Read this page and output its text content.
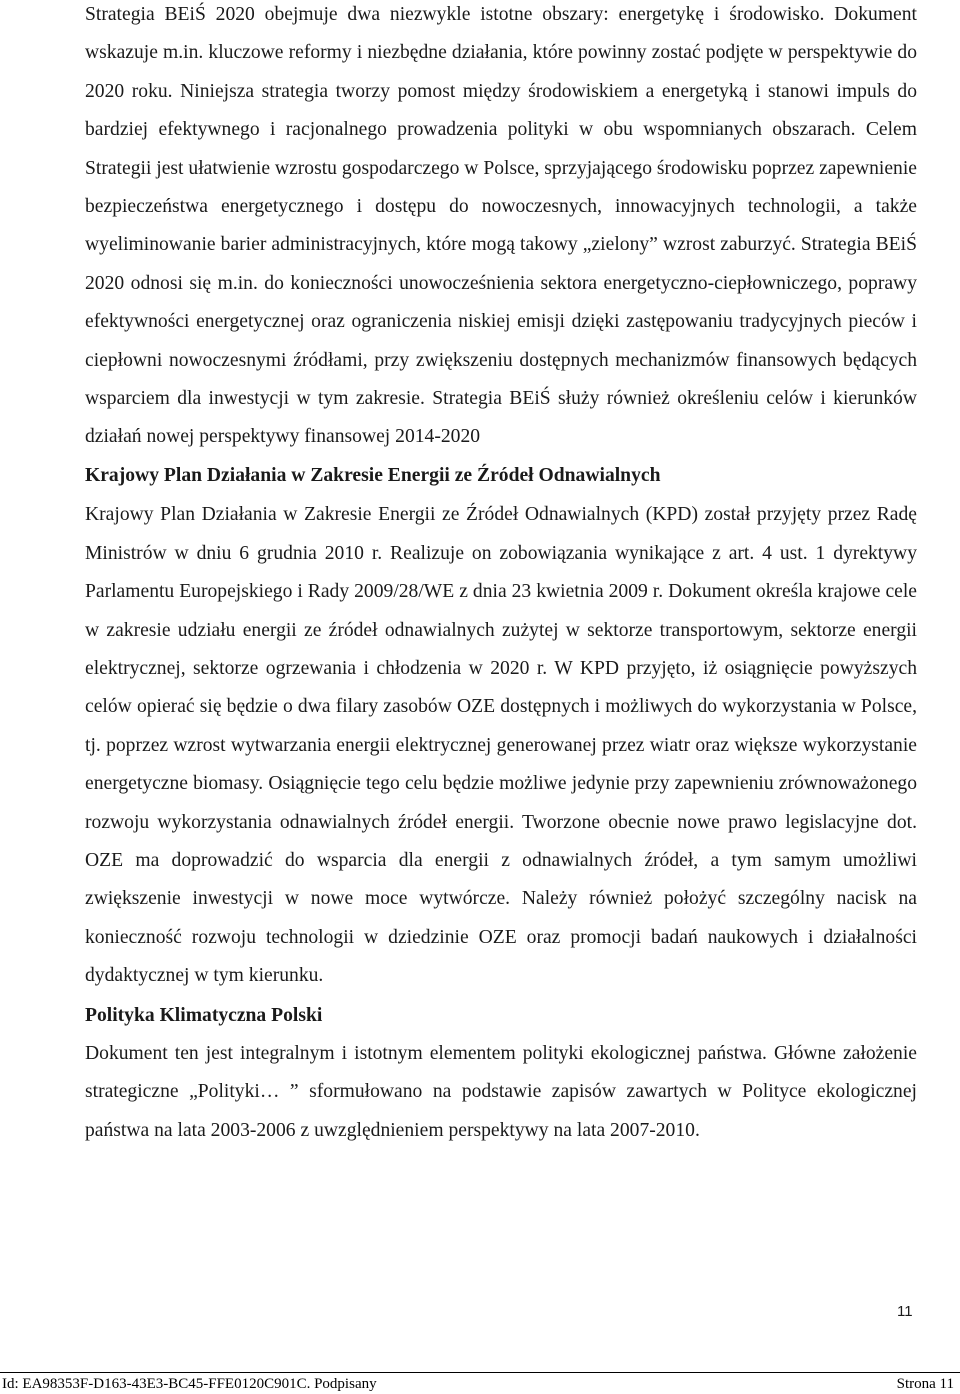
Strategia BEiŚ 2020 obejmuje dwa niezwykle istotne obszary: energetykę i środowisko. Dokument wskazuje m.in. kluczowe reformy i niezbędne działania, które powinny zostać podjęte w perspektywie do 2020 roku. Niniejsza strategia tworzy pomost między środowiskiem a energetyką i stanowi impuls do bardziej efektywnego i racjonalnego prowadzenia polityki w obu wspomnianych obszarach. Celem Strategii jest ułatwienie wzrostu gospodarczego w Polsce, sprzyjającego środowisku poprzez zapewnienie bezpieczeństwa energetycznego i dostępu do nowoczesnych, innowacyjnych technologii, a także wyeliminowanie barier administracyjnych, które mogą takowy „zielony” wzrost zaburzyć. Strategia BEiŚ 2020 odnosi się m.in. do konieczności unowocześnienia sektora energetyczno-ciepłowniczego, poprawy efektywności energetycznej oraz ograniczenia niskiej emisji dzięki zastępowaniu tradycyjnych pieców i ciepłowni nowoczesnymi źródłami, przy zwiększeniu dostępnych mechanizmów finansowych będących wsparciem dla inwestycji w tym zakresie. Strategia BEiŚ służy również określeniu celów i kierunków działań nowej perspektywy finansowej 2014-2020

Krajowy Plan Działania w Zakresie Energii ze Źródeł Odnawialnych

Krajowy Plan Działania w Zakresie Energii ze Źródeł Odnawialnych (KPD) został przyjęty przez Radę Ministrów w dniu 6 grudnia 2010 r. Realizuje on zobowiązania wynikające z art. 4 ust. 1 dyrektywy Parlamentu Europejskiego i Rady 2009/28/WE z dnia 23 kwietnia 2009 r. Dokument określa krajowe cele w zakresie udziału energii ze źródeł odnawialnych zużytej w sektorze transportowym, sektorze energii elektrycznej, sektorze ogrzewania i chłodzenia w 2020 r. W KPD przyjęto, iż osiągnięcie powyższych celów opierać się będzie o dwa filary zasobów OZE dostępnych i możliwych do wykorzystania w Polsce, tj. poprzez wzrost wytwarzania energii elektrycznej generowanej przez wiatr oraz większe wykorzystanie energetyczne biomasy. Osiągnięcie tego celu będzie możliwe jedynie przy zapewnieniu zrównoważonego rozwoju wykorzystania odnawialnych źródeł energii. Tworzone obecnie nowe prawo legislacyjne dot. OZE ma doprowadzić do wsparcia dla energii z odnawialnych źródeł, a tym samym umożliwi zwiększenie inwestycji w nowe moce wytwórcze. Należy również położyć szczególny nacisk na konieczność rozwoju technologii w dziedzinie OZE oraz promocji badań naukowych i działalności dydaktycznej w tym kierunku.

Polityka Klimatyczna Polski

Dokument ten jest integralnym i istotnym elementem polityki ekologicznej państwa. Główne założenie strategiczne „Polityki… ” sformułowano na podstawie zapisów zawartych w Polityce ekologicznej państwa na lata 2003-2006 z uwzględnieniem perspektywy na lata 2007-2010.

11
Id: EA98353F-D163-43E3-BC45-FFE0120C901C. Podpisany	Strona 11
